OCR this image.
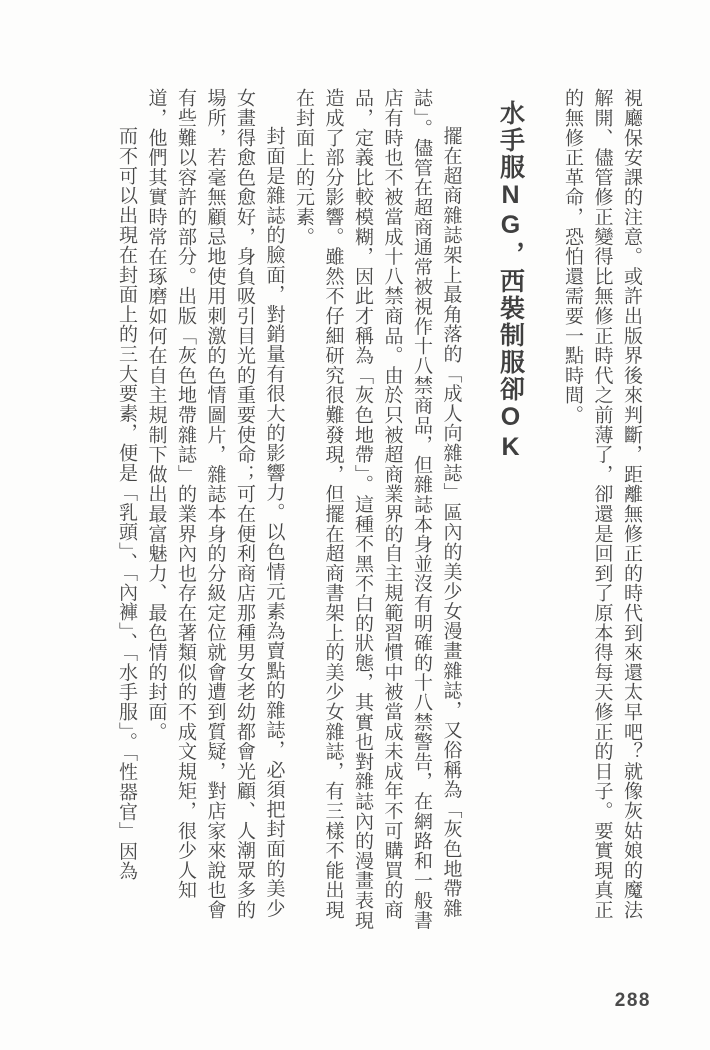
視廳保安課的注意。或許出版界後來判斷，距離無修正的時代到來還太早吧？就像灰姑娘的魔法解開、儘管修正變得比無修正時代之前薄了，卻還是回到了原本得每天修正的日子。要實現真正的無修正革命，恐怕還需要一點時間。

水手服NG，西裝制服卻OK

擺在超商雜誌架上最角落的「成人向雜誌」區內的美少女漫畫雜誌，又俗稱為「灰色地帶雜誌」。儘管在超商通常被視作十八禁商品，但雜誌本身並沒有明確的十八禁警告，在網路和一般書店有時也不被當成十八禁商品。由於只被超商業界的自主規範習慣中被當成未成年不可購買的商品，定義比較模糊，因此才稱為「灰色地帶」。這種不黑不白的狀態，其實也對雜誌內的漫畫表現造成了部分影響。雖然不仔細研究很難發現，但擺在超商書架上的美少女雜誌，有三樣不能出現在封面上的元素。

封面是雜誌的臉面，對銷量有很大的影響力。以色情元素為賣點的雜誌，必須把封面的美少女畫得愈色愈好，身負吸引目光的重要使命；可在便利商店那種男女老幼都會光顧、人潮眾多的場所，若毫無顧忌地使用刺激的色情圖片，雜誌本身的分級定位就會遭到質疑，對店家來說也會有些難以容許的部分。出版「灰色地帶雜誌」的業界內也存在著類似的不成文規矩，很少人知道，他們其實時常在琢磨如何在自主規制下做出最富魅力、最色情的封面。

而不可以出現在封面上的三大要素，便是「乳頭」、「內褲」、「水手服」。「性器官」因為

288
